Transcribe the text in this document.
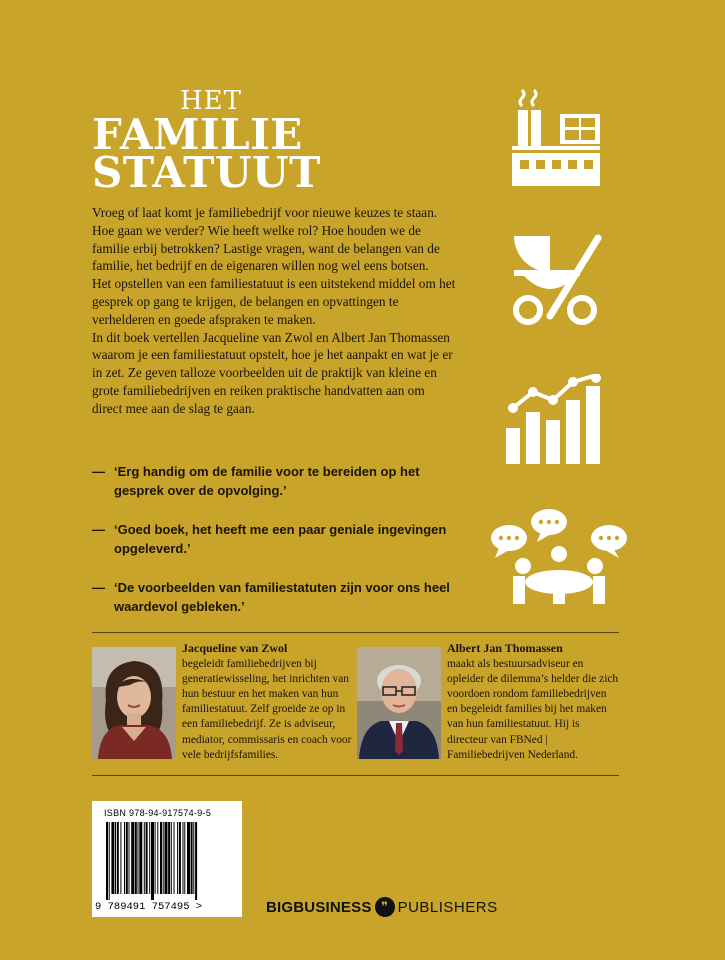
HET
FAMILIE
STATUUT

Vroeg of laat komt je familiebedrijf voor nieuwe keuzes te staan. Hoe gaan we verder? Wie heeft welke rol? Hoe houden we de familie erbij betrokken? Lastige vragen, want de belangen van de familie, het bedrijf en de eigenaren willen nog wel eens botsen.

Het opstellen van een familiestatuut is een uitstekend middel om het gesprek op gang te krijgen, de belangen en opvattingen te verhelderen en goede afspraken te maken.

In dit boek vertellen Jacqueline van Zwol en Albert Jan Thomassen waarom je een familiestatuut opstelt, hoe je het aanpakt en wat je er in zet. Ze geven talloze voorbeelden uit de praktijk van kleine en grote familiebedrijven en reiken praktische handvatten aan om direct mee aan de slag te gaan.

— ‘Erg handig om de familie voor te bereiden op het gesprek over de opvolging.’
— ‘Goed boek, het heeft me een paar geniale ingevingen opgeleverd.’
— ‘De voorbeelden van familiestatuten zijn voor ons heel waardevol gebleken.’
Jacqueline van Zwol
begeleidt familiebedrijven bij generatiewisseling, het inrichten van hun bestuur en het maken van hun familiestatuut. Zelf groeide ze op in een familiebedrijf. Ze is adviseur, mediator, commissaris en coach voor vele bedrijfsfamilies.
Albert Jan Thomassen
maakt als bestuursadviseur en opleider de dilemma’s helder die zich voordoen rondom familiebedrijven en begeleidt families bij het maken van hun familiestatuut. Hij is directeur van FBNed | Familiebedrijven Nederland.
ISBN 978-94-917574-9-5
9 789491 757495 >	BIGBUSINESS ❞ PUBLISHERS
